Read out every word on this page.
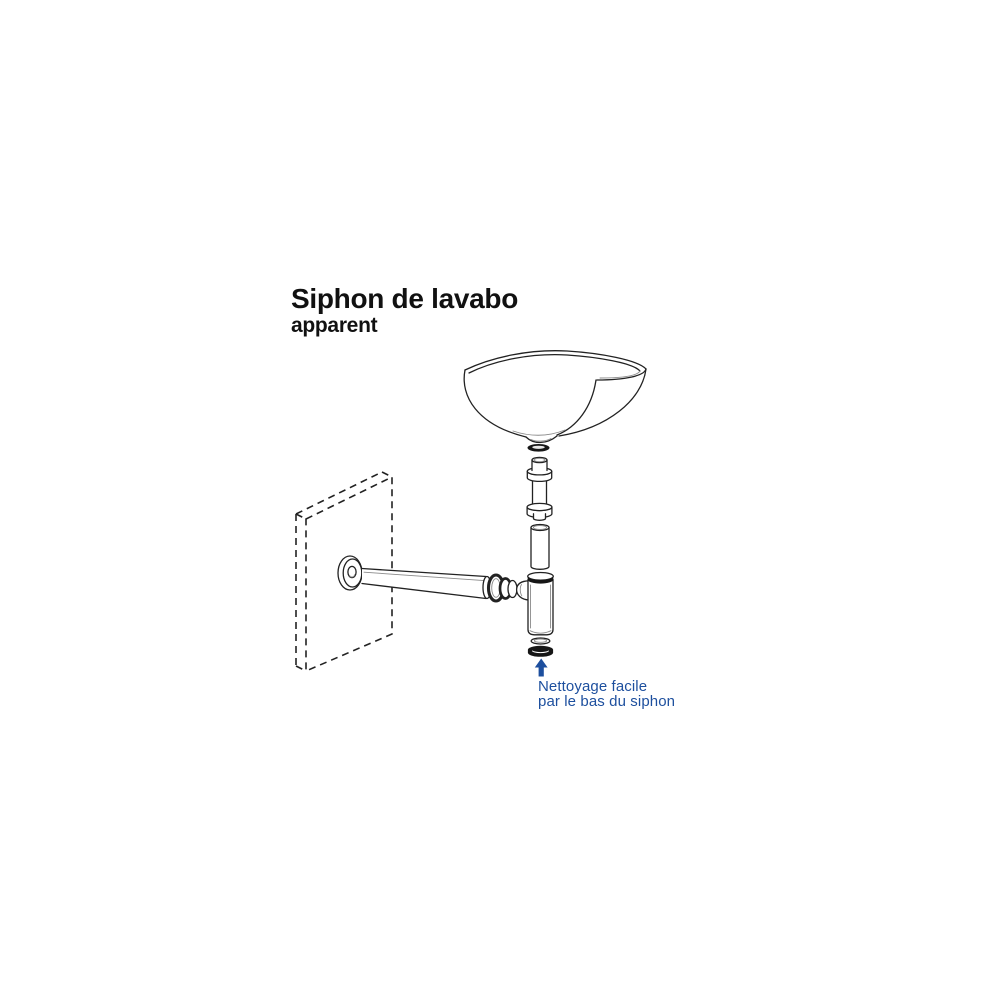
Siphon de lavabo
apparent
Nettoyage facile
par le bas du siphon
